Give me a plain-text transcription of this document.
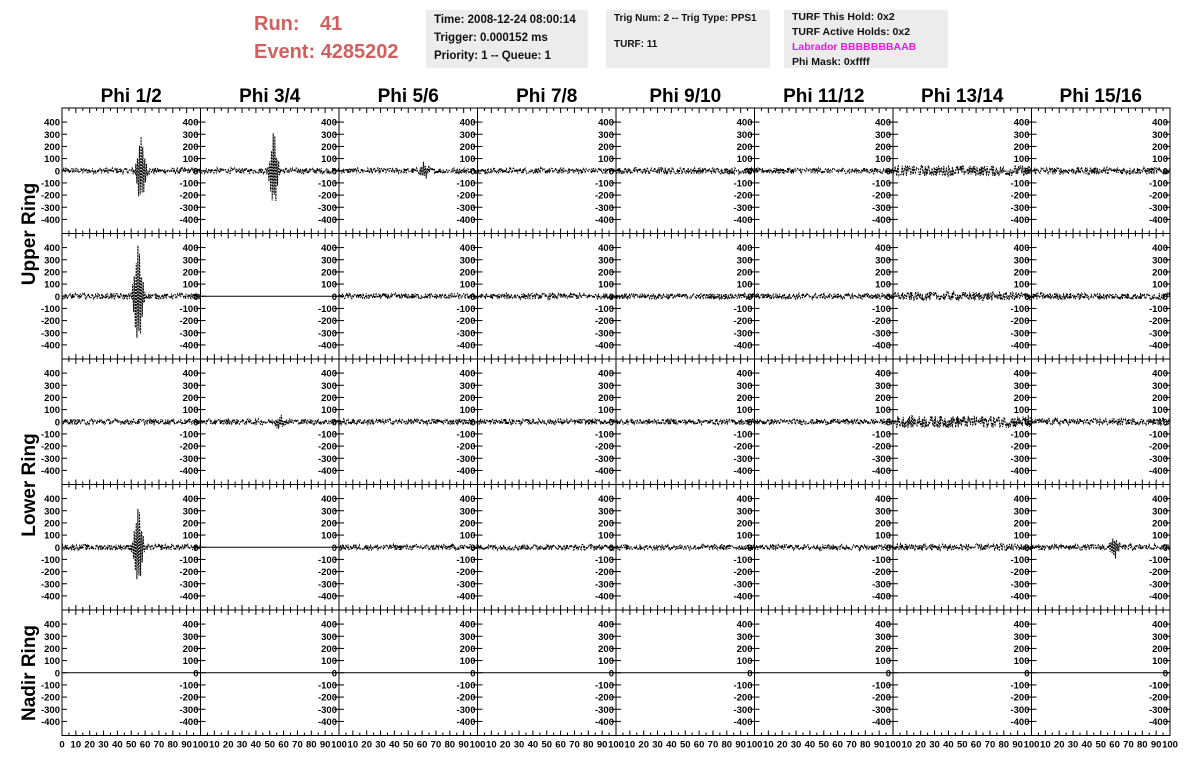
Run: 41
Event: 4285202
Time: 2008-12-24 08:00:14
Trigger: 0.000152 ms
Priority: 1 -- Queue: 1
Trig Num: 2 -- Trig Type: PPS1
TURF: 11
TURF This Hold: 0x2
TURF Active Holds: 0x2
Labrador BBBBBBBAAB
Phi Mask: 0xffff
Phi 1/2	Phi 3/4	Phi 5/6	Phi 7/8	Phi 9/10	Phi 11/12	Phi 13/14	Phi 15/16
Upper Ring
Lower Ring
Nadir Ring
400
400
300
300
200
200
100
100
0
0
-100
-100
-200
-200
-300
-300
-400
-400
400
300
200
100
0
-100
-200
-300
-400
400
300
200
100
0
-100
-200
-300
-400
400
300
200
100
0
-100
-200
-300
-400
400
300
200
100
0
-100
-200
-300
-400
400
300
200
100
0
-100
-200
-300
-400
400
300
200
100
0
-100
-200
-300
-400
400
300
200
100
0
-100
-200
-300
-400
400
400
300
300
200
200
100
100
0
0
-100
-100
-200
-200
-300
-300
-400
-400
400
300
200
100
0
-100
-200
-300
-400
400
300
200
100
0
-100
-200
-300
-400
400
300
200
100
0
-100
-200
-300
-400
400
300
200
100
0
-100
-200
-300
-400
400
300
200
100
0
-100
-200
-300
-400
400
300
200
100
0
-100
-200
-300
-400
400
300
200
100
0
-100
-200
-300
-400
400
400
300
300
200
200
100
100
0
0
-100
-100
-200
-200
-300
-300
-400
-400
400
300
200
100
0
-100
-200
-300
-400
400
300
200
100
0
-100
-200
-300
-400
400
300
200
100
0
-100
-200
-300
-400
400
300
200
100
0
-100
-200
-300
-400
400
300
200
100
0
-100
-200
-300
-400
400
300
200
100
0
-100
-200
-300
-400
400
300
200
100
0
-100
-200
-300
-400
400
400
300
300
200
200
100
100
0
0
-100
-100
-200
-200
-300
-300
-400
-400
400
300
200
100
0
-100
-200
-300
-400
400
300
200
100
0
-100
-200
-300
-400
400
300
200
100
0
-100
-200
-300
-400
400
300
200
100
0
-100
-200
-300
-400
400
300
200
100
0
-100
-200
-300
-400
400
300
200
100
0
-100
-200
-300
-400
400
300
200
100
0
-100
-200
-300
-400
400
400
300
300
200
200
100
100
0
0
-100
-100
-200
-200
-300
-300
-400
-400
400
300
200
100
0
-100
-200
-300
-400
400
300
200
100
0
-100
-200
-300
-400
400
300
200
100
0
-100
-200
-300
-400
400
300
200
100
0
-100
-200
-300
-400
400
300
200
100
0
-100
-200
-300
-400
400
300
200
100
0
-100
-200
-300
-400
400
300
200
100
0
-100
-200
-300
-400
0 10 20 30 40 50 60 70 80 90 100 10 20 30 40 50 60 70 80 90 100 10 20 30 40 50 60 70 80 90 100 10 20 30 40 50 60 70 80 90 100 10 20 30 40 50 60 70 80 90 100 10 20 30 40 50 60 70 80 90 100 10 20 30 40 50 60 70 80 90 100 10 20 30 40 50 60 70 80 90 100
